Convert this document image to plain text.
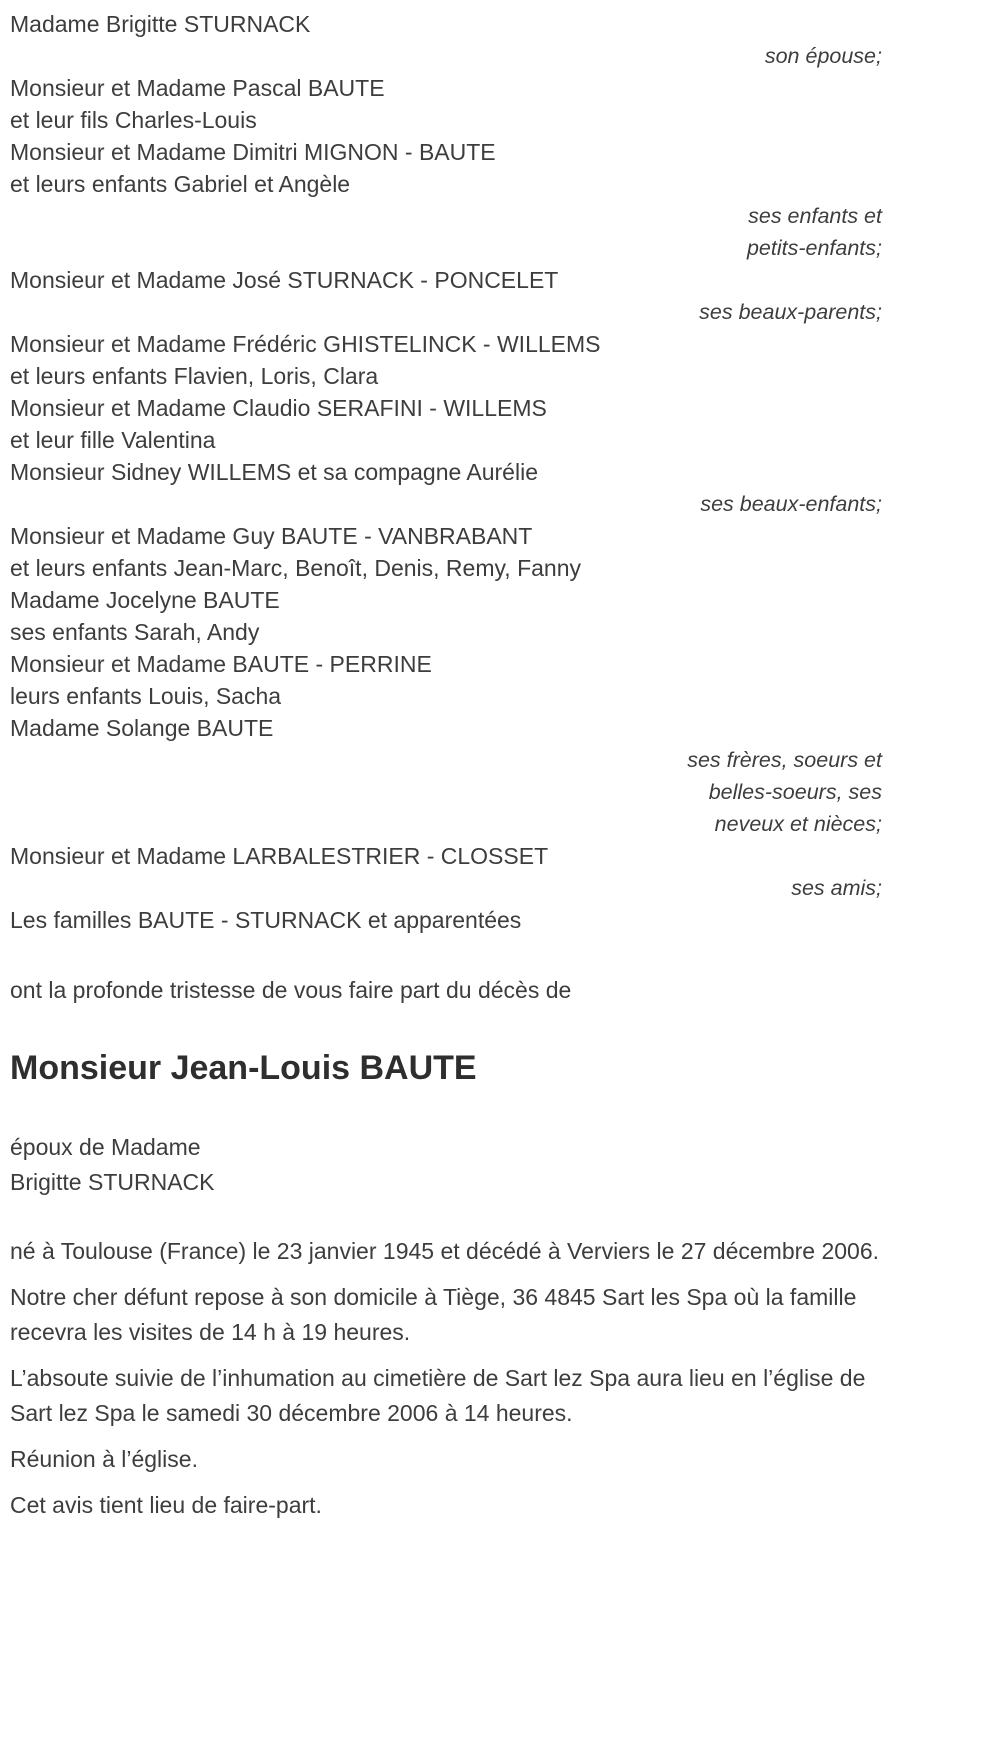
Madame Brigitte STURNACK
son épouse;
Monsieur et Madame Pascal BAUTE
et leur fils Charles-Louis
Monsieur et Madame Dimitri MIGNON - BAUTE
et leurs enfants Gabriel et Angèle
ses enfants et
petits-enfants;
Monsieur et Madame José STURNACK - PONCELET
ses beaux-parents;
Monsieur et Madame Frédéric GHISTELINCK - WILLEMS
et leurs enfants Flavien, Loris, Clara
Monsieur et Madame Claudio SERAFINI - WILLEMS
et leur fille Valentina
Monsieur Sidney WILLEMS et sa compagne Aurélie
ses beaux-enfants;
Monsieur et Madame Guy BAUTE - VANBRABANT
et leurs enfants Jean-Marc, Benoît, Denis, Remy, Fanny
Madame Jocelyne BAUTE
ses enfants Sarah, Andy
Monsieur et Madame BAUTE - PERRINE
leurs enfants Louis, Sacha
Madame Solange BAUTE
ses frères, soeurs et
belles-soeurs, ses
neveux et nièces;
Monsieur et Madame LARBALESTRIER - CLOSSET
ses amis;
Les familles BAUTE - STURNACK et apparentées
ont la profonde tristesse de vous faire part du décès de
Monsieur Jean-Louis BAUTE
époux de Madame
Brigitte STURNACK
né à Toulouse (France) le 23 janvier 1945 et décédé à Verviers le 27 décembre 2006.
Notre cher défunt repose à son domicile à Tiège, 36 4845 Sart les Spa où la famille recevra les visites de 14 h à 19 heures.
L’absoute suivie de l’inhumation au cimetière de Sart lez Spa aura lieu en l’église de Sart lez Spa le samedi 30 décembre 2006 à 14 heures.
Réunion à l’église.
Cet avis tient lieu de faire-part.
